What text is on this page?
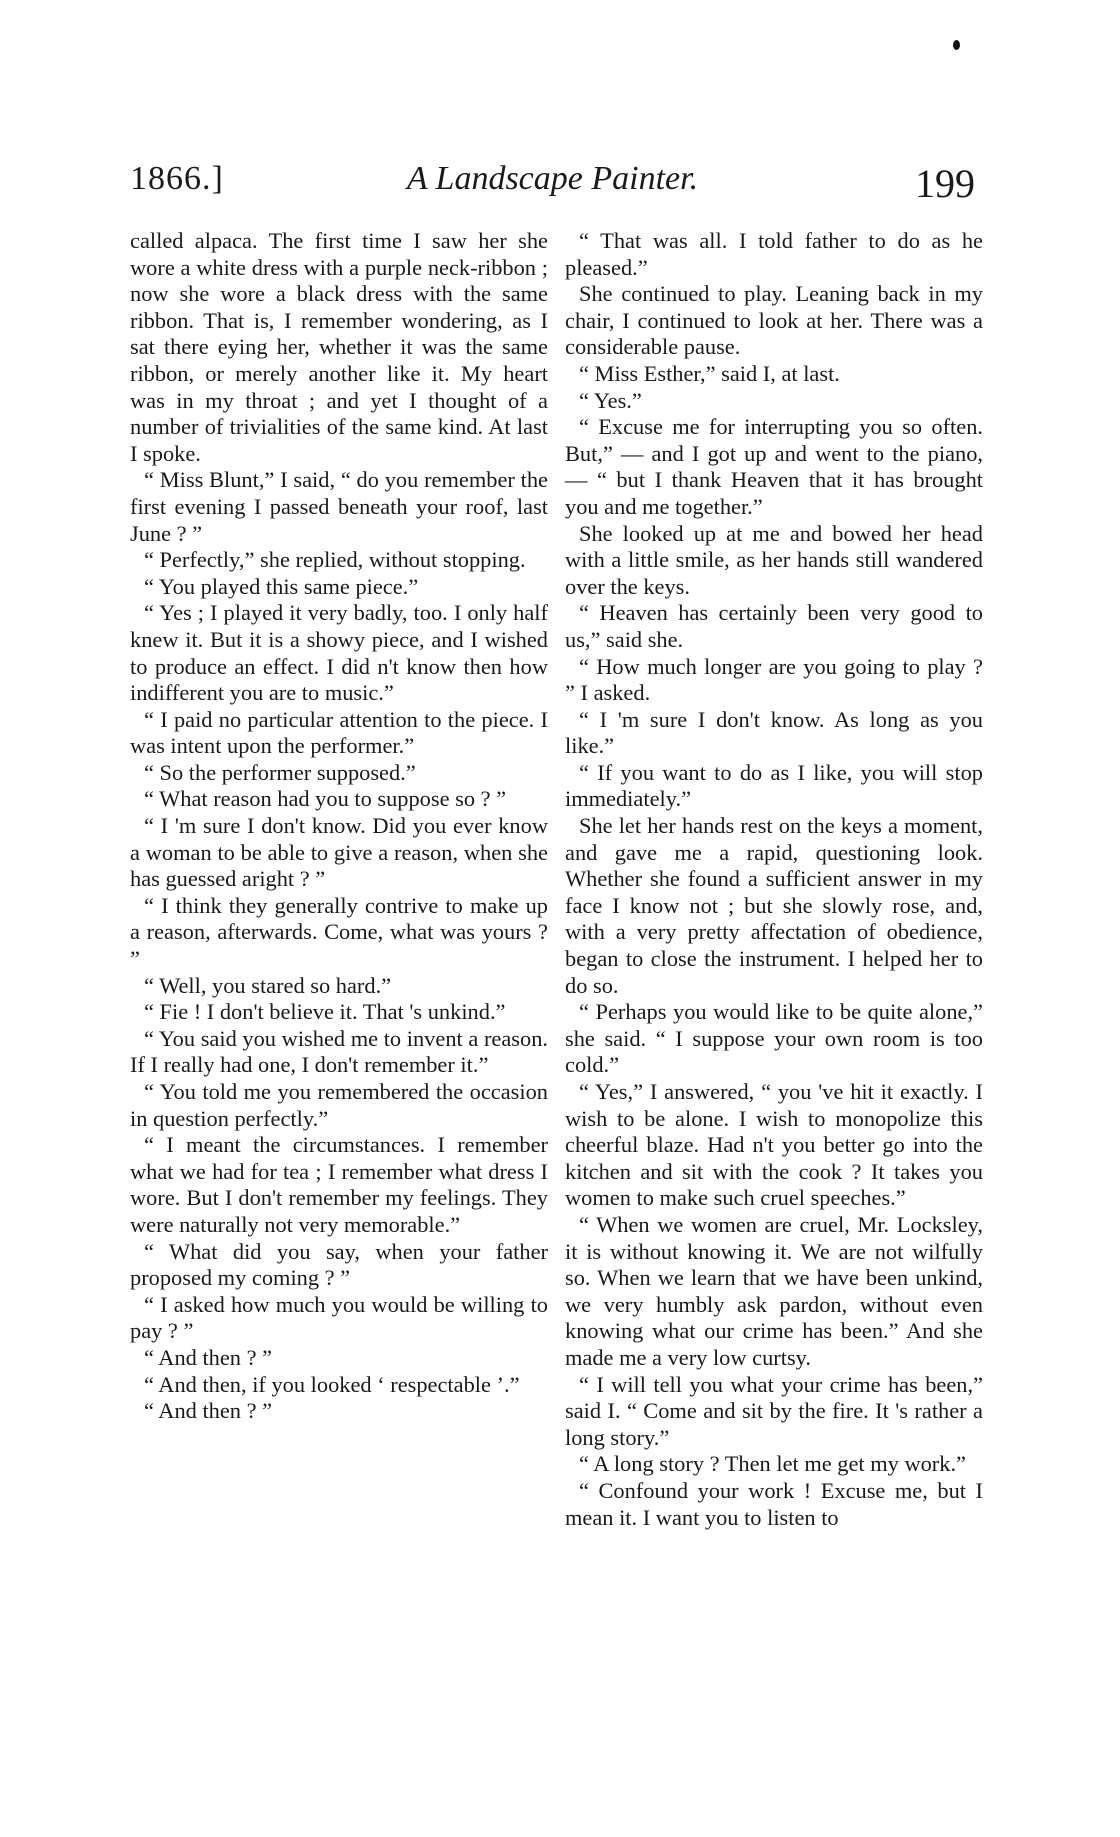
1866.]	A Landscape Painter.	199

called alpaca. The first time I saw her she wore a white dress with a purple neck-ribbon ; now she wore a black dress with the same ribbon. That is, I remember wondering, as I sat there eying her, whether it was the same ribbon, or merely another like it. My heart was in my throat ; and yet I thought of a number of trivialities of the same kind. At last I spoke.

“ Miss Blunt,” I said, “ do you remember the first evening I passed beneath your roof, last June ? ”

“ Perfectly,” she replied, without stopping.

“ You played this same piece.”

“ Yes ; I played it very badly, too. I only half knew it. But it is a showy piece, and I wished to produce an effect. I did n't know then how indifferent you are to music.”

“ I paid no particular attention to the piece. I was intent upon the performer.”

“ So the performer supposed.”

“ What reason had you to suppose so ? ”

“ I 'm sure I don't know. Did you ever know a woman to be able to give a reason, when she has guessed aright ? ”

“ I think they generally contrive to make up a reason, afterwards. Come, what was yours ? ”

“ Well, you stared so hard.”

“ Fie ! I don't believe it. That 's unkind.”

“ You said you wished me to invent a reason. If I really had one, I don't remember it.”

“ You told me you remembered the occasion in question perfectly.”

“ I meant the circumstances. I remember what we had for tea ; I remember what dress I wore. But I don't remember my feelings. They were naturally not very memorable.”

“ What did you say, when your father proposed my coming ? ”

“ I asked how much you would be willing to pay ? ”

“ And then ? ”

“ And then, if you looked ‘ respectable ’.”

“ And then ? ”

“ That was all. I told father to do as he pleased.”

She continued to play. Leaning back in my chair, I continued to look at her. There was a considerable pause.

“ Miss Esther,” said I, at last.

“ Yes.”

“ Excuse me for interrupting you so often. But,” — and I got up and went to the piano, — “ but I thank Heaven that it has brought you and me together.”

She looked up at me and bowed her head with a little smile, as her hands still wandered over the keys.

“ Heaven has certainly been very good to us,” said she.

“ How much longer are you going to play ? ” I asked.

“ I 'm sure I don't know. As long as you like.”

“ If you want to do as I like, you will stop immediately.”

She let her hands rest on the keys a moment, and gave me a rapid, questioning look. Whether she found a sufficient answer in my face I know not ; but she slowly rose, and, with a very pretty affectation of obedience, began to close the instrument. I helped her to do so.

“ Perhaps you would like to be quite alone,” she said. “ I suppose your own room is too cold.”

“ Yes,” I answered, “ you 've hit it exactly. I wish to be alone. I wish to monopolize this cheerful blaze. Had n't you better go into the kitchen and sit with the cook ? It takes you women to make such cruel speeches.”

“ When we women are cruel, Mr. Locksley, it is without knowing it. We are not wilfully so. When we learn that we have been unkind, we very humbly ask pardon, without even knowing what our crime has been.” And she made me a very low curtsy.

“ I will tell you what your crime has been,” said I. “ Come and sit by the fire. It 's rather a long story.”

“ A long story ? Then let me get my work.”

“ Confound your work ! Excuse me, but I mean it. I want you to listen to
